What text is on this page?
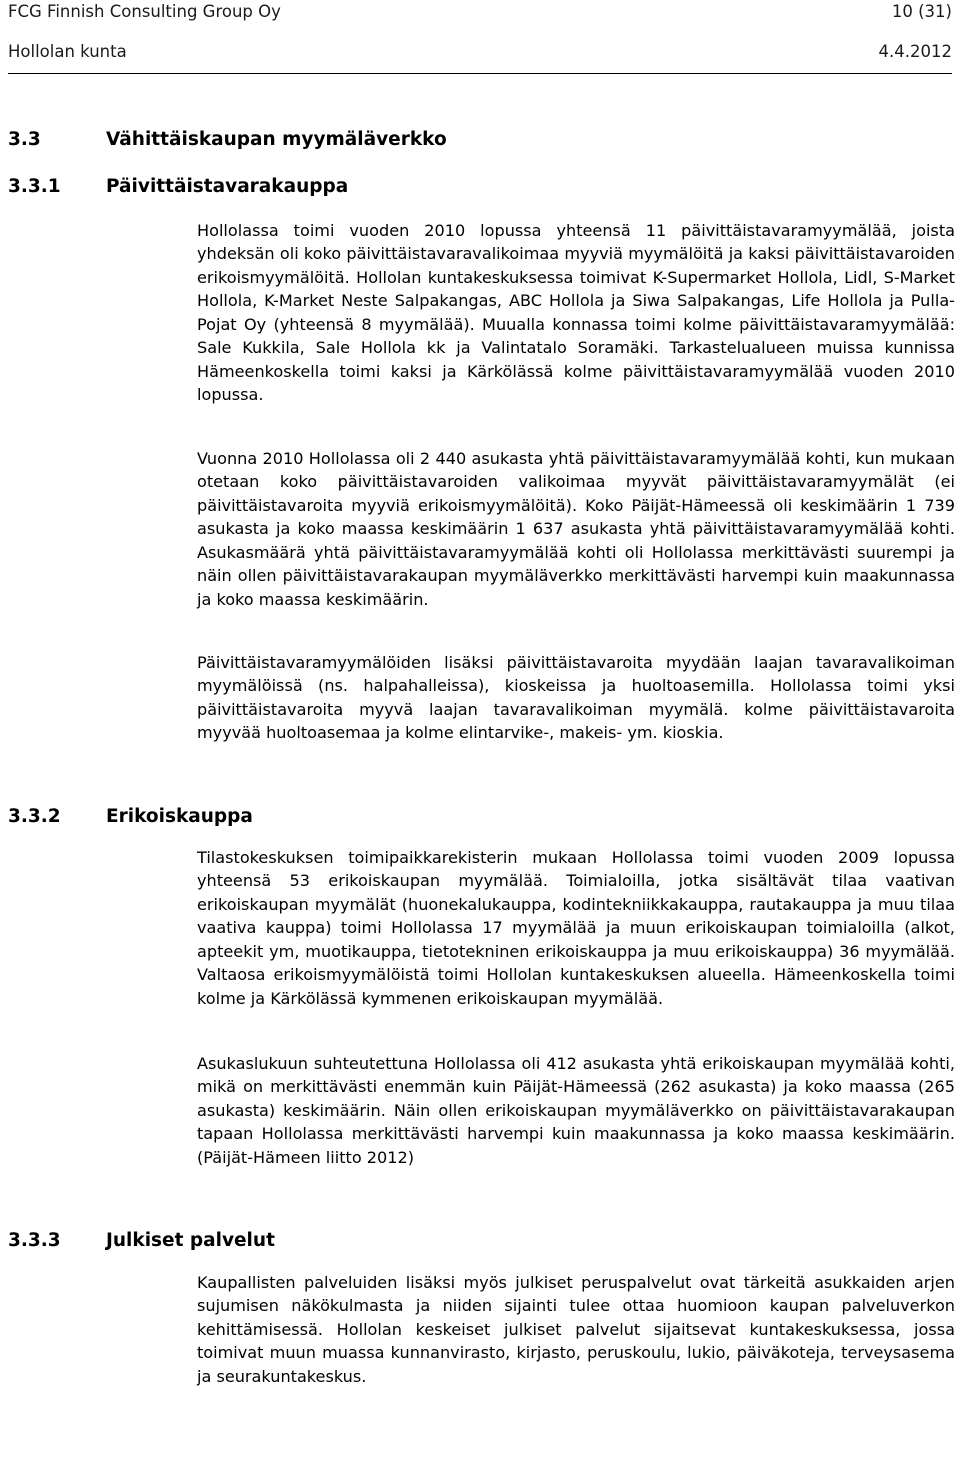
FCG Finnish Consulting Group Oy	10 (31)
Hollolan kunta	4.4.2012
3.3	Vähittäiskaupan myymäläverkko
3.3.1 Päivittäistavarakauppa

Hollolassa toimi vuoden 2010 lopussa yhteensä 11 päivittäistavaramyymälää, joista yhdeksän oli koko päivittäistavaravalikoimaa myyviä myymälöitä ja kaksi päivittäistavaroiden erikoismyymälöitä. Hollolan kuntakeskuksessa toimivat K-Supermarket Hollola, Lidl, S-Market Hollola, K-Market Neste Salpakangas, ABC Hollola ja Siwa Salpakangas, Life Hollola ja Pulla-Pojat Oy (yhteensä 8 myymälää). Muualla konnassa toimi kolme päivittäistavaramyymälää: Sale Kukkila, Sale Hollola kk ja Valintatalo Soramäki. Tarkastelualueen muissa kunnissa Hämeenkoskella toimi kaksi ja Kärkölässä kolme päivittäistavaramyymälää vuoden 2010 lopussa.

Vuonna 2010 Hollolassa oli 2 440 asukasta yhtä päivittäistavaramyymälää kohti, kun mukaan otetaan koko päivittäistavaroiden valikoimaa myyvät päivittäistavaramyymälät (ei päivittäistavaroita myyviä erikoismyymälöitä). Koko Päijät-Hämeessä oli keskimäärin 1 739 asukasta ja koko maassa keskimäärin 1 637 asukasta yhtä päivittäistavaramyymälää kohti. Asukasmäärä yhtä päivittäistavaramyymälää kohti oli Hollolassa merkittävästi suurempi ja näin ollen päivittäistavarakaupan myymäläverkko merkittävästi harvempi kuin maakunnassa ja koko maassa keskimäärin.

Päivittäistavaramyymälöiden lisäksi päivittäistavaroita myydään laajan tavaravalikoiman myymälöissä (ns. halpahalleissa), kioskeissa ja huoltoasemilla. Hollolassa toimi yksi päivittäistavaroita myyvä laajan tavaravalikoiman myymälä. kolme päivittäistavaroita myyvää huoltoasemaa ja kolme elintarvike-, makeis- ym. kioskia.

3.3.2 Erikoiskauppa

Tilastokeskuksen toimipaikkarekisterin mukaan Hollolassa toimi vuoden 2009 lopussa yhteensä 53 erikoiskaupan myymälää. Toimialoilla, jotka sisältävät tilaa vaativan erikoiskaupan myymälät (huonekalukauppa, kodintekniikkakauppa, rautakauppa ja muu tilaa vaativa kauppa) toimi Hollolassa 17 myymälää ja muun erikoiskaupan toimialoilla (alkot, apteekit ym, muotikauppa, tietotekninen erikoiskauppa ja muu erikoiskauppa) 36 myymälää. Valtaosa erikoismyymälöistä toimi Hollolan kuntakeskuksen alueella. Hämeenkoskella toimi kolme ja Kärkölässä kymmenen erikoiskaupan myymälää.

Asukaslukuun suhteutettuna Hollolassa oli 412 asukasta yhtä erikoiskaupan myymälää kohti, mikä on merkittävästi enemmän kuin Päijät-Hämeessä (262 asukasta) ja koko maassa (265 asukasta) keskimäärin. Näin ollen erikoiskaupan myymäläverkko on päivittäistavarakaupan tapaan Hollolassa merkittävästi harvempi kuin maakunnassa ja koko maassa keskimäärin. (Päijät-Hämeen liitto 2012)

3.3.3 Julkiset palvelut

Kaupallisten palveluiden lisäksi myös julkiset peruspalvelut ovat tärkeitä asukkaiden arjen sujumisen näkökulmasta ja niiden sijainti tulee ottaa huomioon kaupan palveluverkon kehittämisessä. Hollolan keskeiset julkiset palvelut sijaitsevat kuntakeskuksessa, jossa toimivat muun muassa kunnanvirasto, kirjasto, peruskoulu, lukio, päiväkoteja, terveysasema ja seurakuntakeskus.
